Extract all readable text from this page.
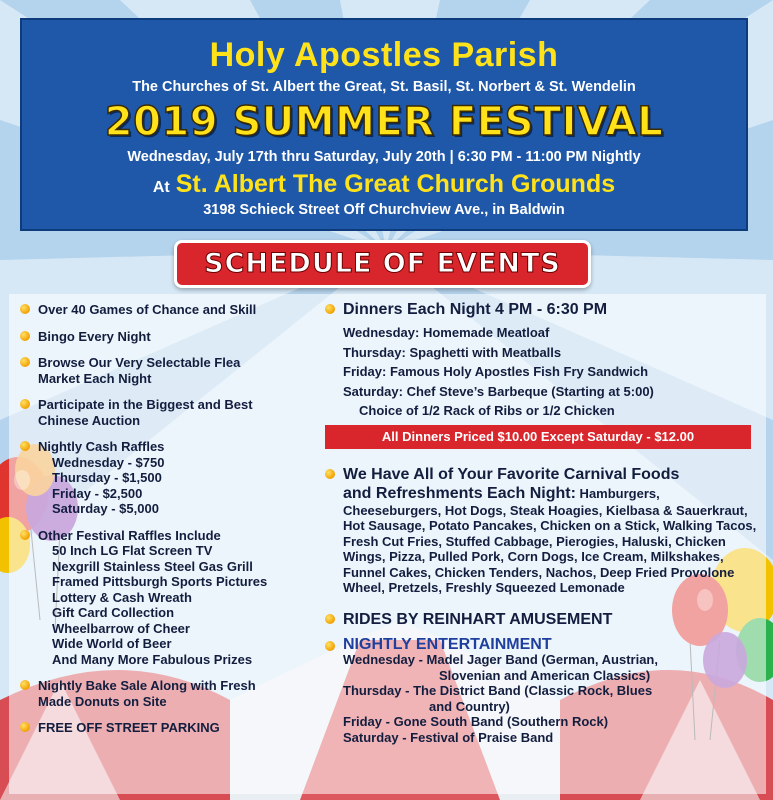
Holy Apostles Parish
The Churches of St. Albert the Great, St. Basil, St. Norbert & St. Wendelin
2019 SUMMER FESTIVAL
Wednesday, July 17th thru Saturday, July 20th | 6:30 PM - 11:00 PM Nightly
At St. Albert The Great Church Grounds
3198 Schieck Street Off Churchview Ave., in Baldwin
SCHEDULE OF EVENTS
Over 40 Games of Chance and Skill
Bingo Every Night
Browse Our Very Selectable Flea
Market Each Night
Participate in the Biggest and Best
Chinese Auction
Nightly Cash Raffles
Wednesday - $750
Thursday - $1,500
Friday - $2,500
Saturday - $5,000
Other Festival Raffles Include
50 Inch LG Flat Screen TV
Nexgrill Stainless Steel Gas Grill
Framed Pittsburgh Sports Pictures
Lottery & Cash Wreath
Gift Card Collection
Wheelbarrow of Cheer
Wide World of Beer
And Many More Fabulous Prizes
Nightly Bake Sale Along with Fresh
Made Donuts on Site
FREE OFF STREET PARKING
Dinners Each Night 4 PM - 6:30 PM
Wednesday: Homemade Meatloaf
Thursday: Spaghetti with Meatballs
Friday: Famous Holy Apostles Fish Fry Sandwich
Saturday: Chef Steve’s Barbeque (Starting at 5:00)
Choice of 1/2 Rack of Ribs or 1/2 Chicken
All Dinners Priced $10.00 Except Saturday - $12.00
We Have All of Your Favorite Carnival Foods
and Refreshments Each Night: Hamburgers,
Cheeseburgers, Hot Dogs, Steak Hoagies, Kielbasa & Sauerkraut, Hot Sausage, Potato Pancakes, Chicken on a Stick, Walking Tacos, Fresh Cut Fries, Stuffed Cabbage, Pierogies, Haluski, Chicken Wings, Pizza, Pulled Pork, Corn Dogs, Ice Cream, Milkshakes, Funnel Cakes, Chicken Tenders, Nachos, Deep Fried Provolone Wheel, Pretzels, Freshly Squeezed Lemonade
RIDES BY REINHART AMUSEMENT
NIGHTLY ENTERTAINMENT
Wednesday - Madel Jager Band (German, Austrian,
Slovenian and American Classics)
Thursday - The District Band (Classic Rock, Blues
and Country)
Friday - Gone South Band (Southern Rock)
Saturday - Festival of Praise Band
